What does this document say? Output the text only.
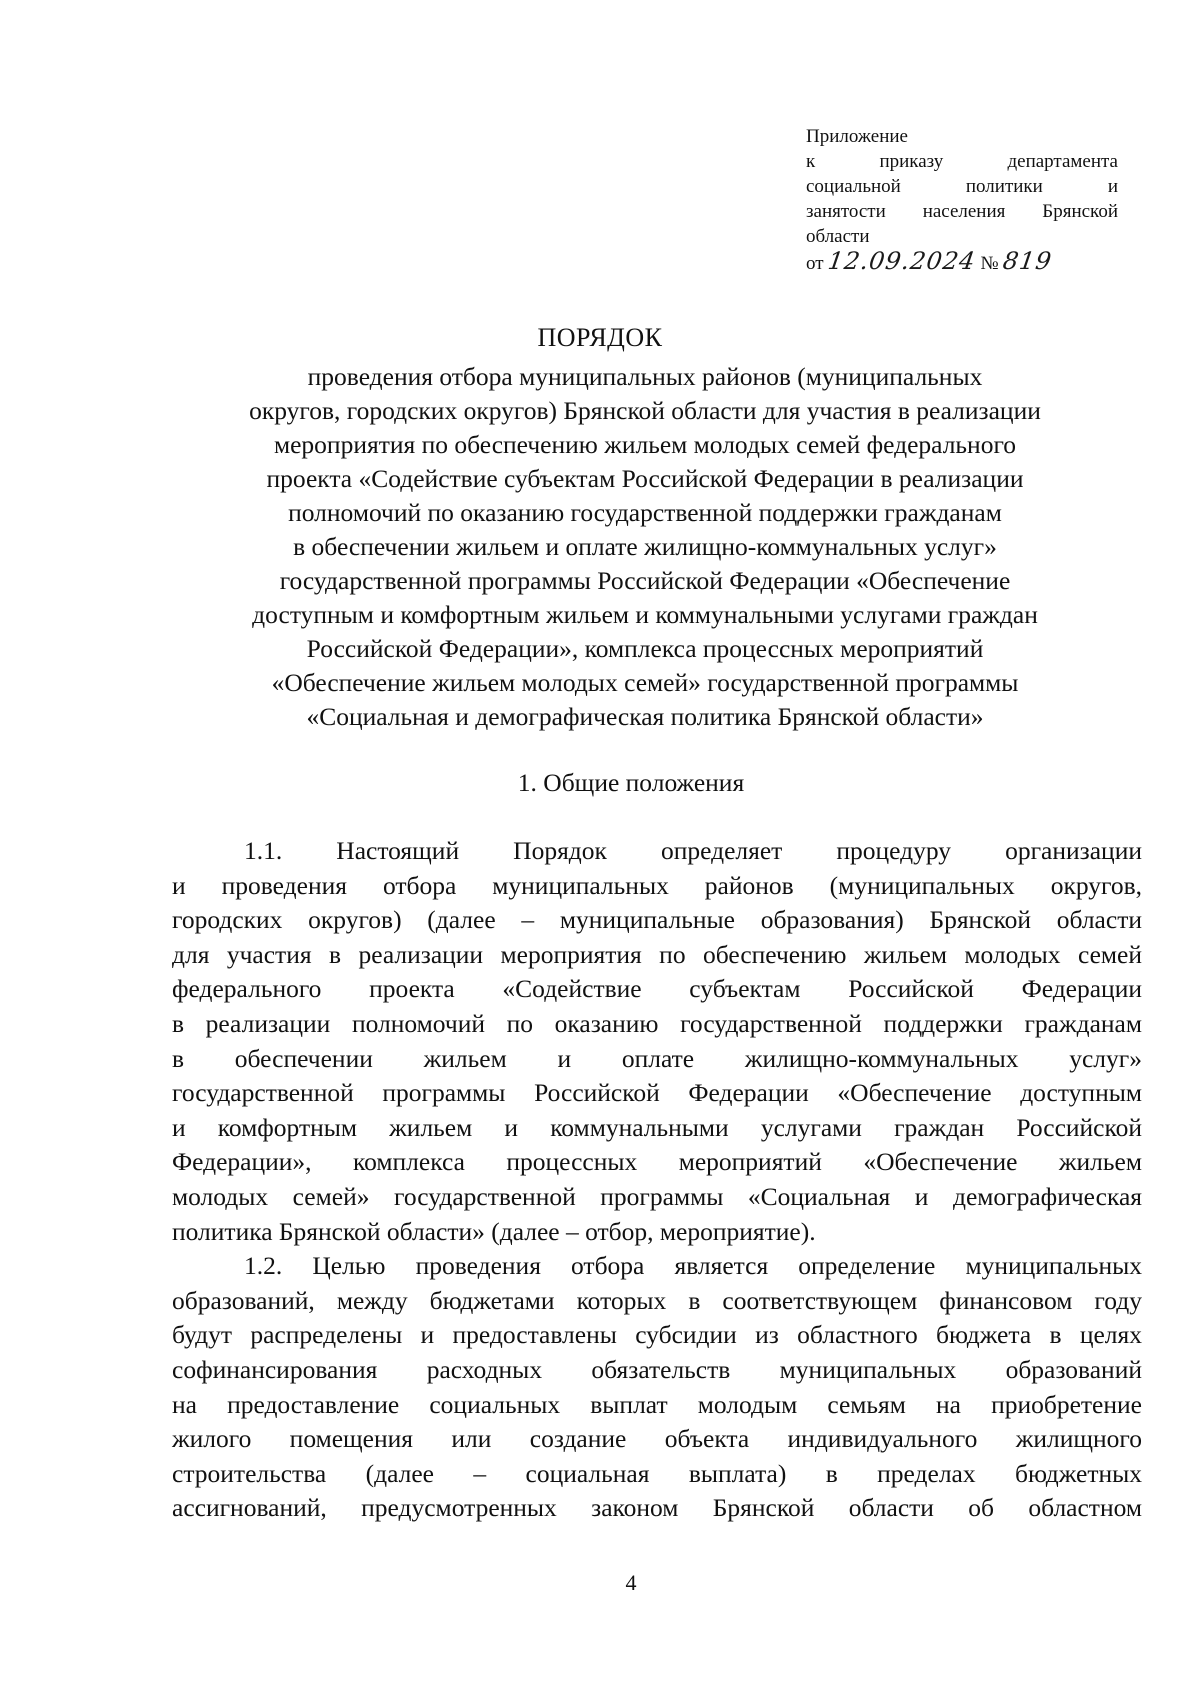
Приложение
к	приказу	департамента
социальной	политики	и
занятости населения Брянской
области
от
12.09.2024
№
819
ПОРЯДОК
проведения отбора муниципальных районов (муниципальных
округов, городских округов) Брянской области для участия в реализации
мероприятия по обеспечению жильем молодых семей федерального
проекта «Содействие субъектам Российской Федерации в реализации
полномочий по оказанию государственной поддержки гражданам
в обеспечении жильем и оплате жилищно-коммунальных услуг»
государственной программы Российской Федерации «Обеспечение
доступным и комфортным жильем и коммунальными услугами граждан
Российской Федерации», комплекса процессных мероприятий
«Обеспечение жильем молодых семей» государственной программы
«Социальная и демографическая политика Брянской области»
1. Общие положения
1.1. Настоящий Порядок определяет процедуру организации
и проведения отбора муниципальных районов (муниципальных округов,
городских округов) (далее – муниципальные образования) Брянской области
для участия в реализации мероприятия по обеспечению жильем молодых семей
федерального проекта «Содействие субъектам Российской Федерации
в реализации полномочий по оказанию государственной поддержки гражданам
в обеспечении жильем и оплате жилищно-коммунальных услуг»
государственной программы Российской Федерации «Обеспечение доступным
и комфортным жильем и коммунальными услугами граждан Российской
Федерации», комплекса процессных мероприятий «Обеспечение жильем
молодых семей» государственной программы «Социальная и демографическая
политика Брянской области» (далее – отбор, мероприятие).
1.2. Целью проведения отбора является определение муниципальных
образований, между бюджетами которых в соответствующем финансовом году
будут распределены и предоставлены субсидии из областного бюджета в целях
софинансирования расходных обязательств муниципальных образований
на предоставление социальных выплат молодым семьям на приобретение
жилого помещения или создание объекта индивидуального жилищного
строительства (далее – социальная выплата) в пределах бюджетных
ассигнований, предусмотренных законом Брянской области об областном
4
